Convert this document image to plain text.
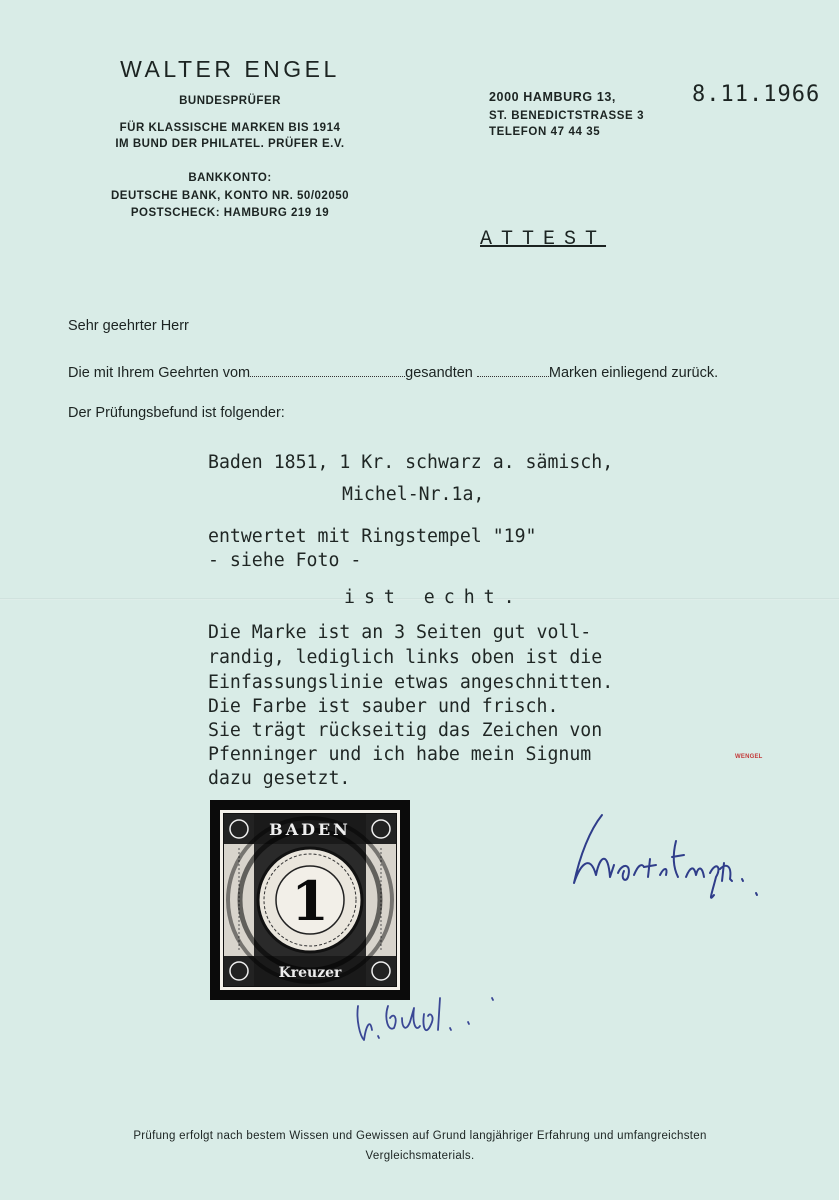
WALTER ENGEL
BUNDESPRÜFER
FÜR KLASSISCHE MARKEN BIS 1914
IM BUND DER PHILATEL. PRÜFER E.V.
BANKKONTO:
DEUTSCHE BANK, KONTO NR. 50/02050
POSTSCHECK: HAMBURG 219 19
2000 HAMBURG 13,
ST. BENEDICTSTRASSE 3
TELEFON 47 44 35
8.11.1966
ATTEST
Sehr geehrter Herr
Die mit Ihrem Geehrten vom	gesandten	Marken einliegend zurück.
Der Prüfungsbefund ist folgender:
Baden 1851, 1 Kr. schwarz a. sämisch,
Michel-Nr.1a,
entwertet mit Ringstempel "19"
- siehe Foto -
ist echt.
Die Marke ist an 3 Seiten gut voll-
randig, lediglich links oben ist die
Einfassungslinie etwas angeschnitten.
Die Farbe ist sauber und frisch.
Sie trägt rückseitig das Zeichen von
Pfenninger und ich habe mein Signum
dazu gesetzt.
WENGEL
BADEN
Kreuzer
1
Prüfung erfolgt nach bestem Wissen und Gewissen auf Grund langjähriger Erfahrung und umfangreichsten
Vergleichsmaterials.
